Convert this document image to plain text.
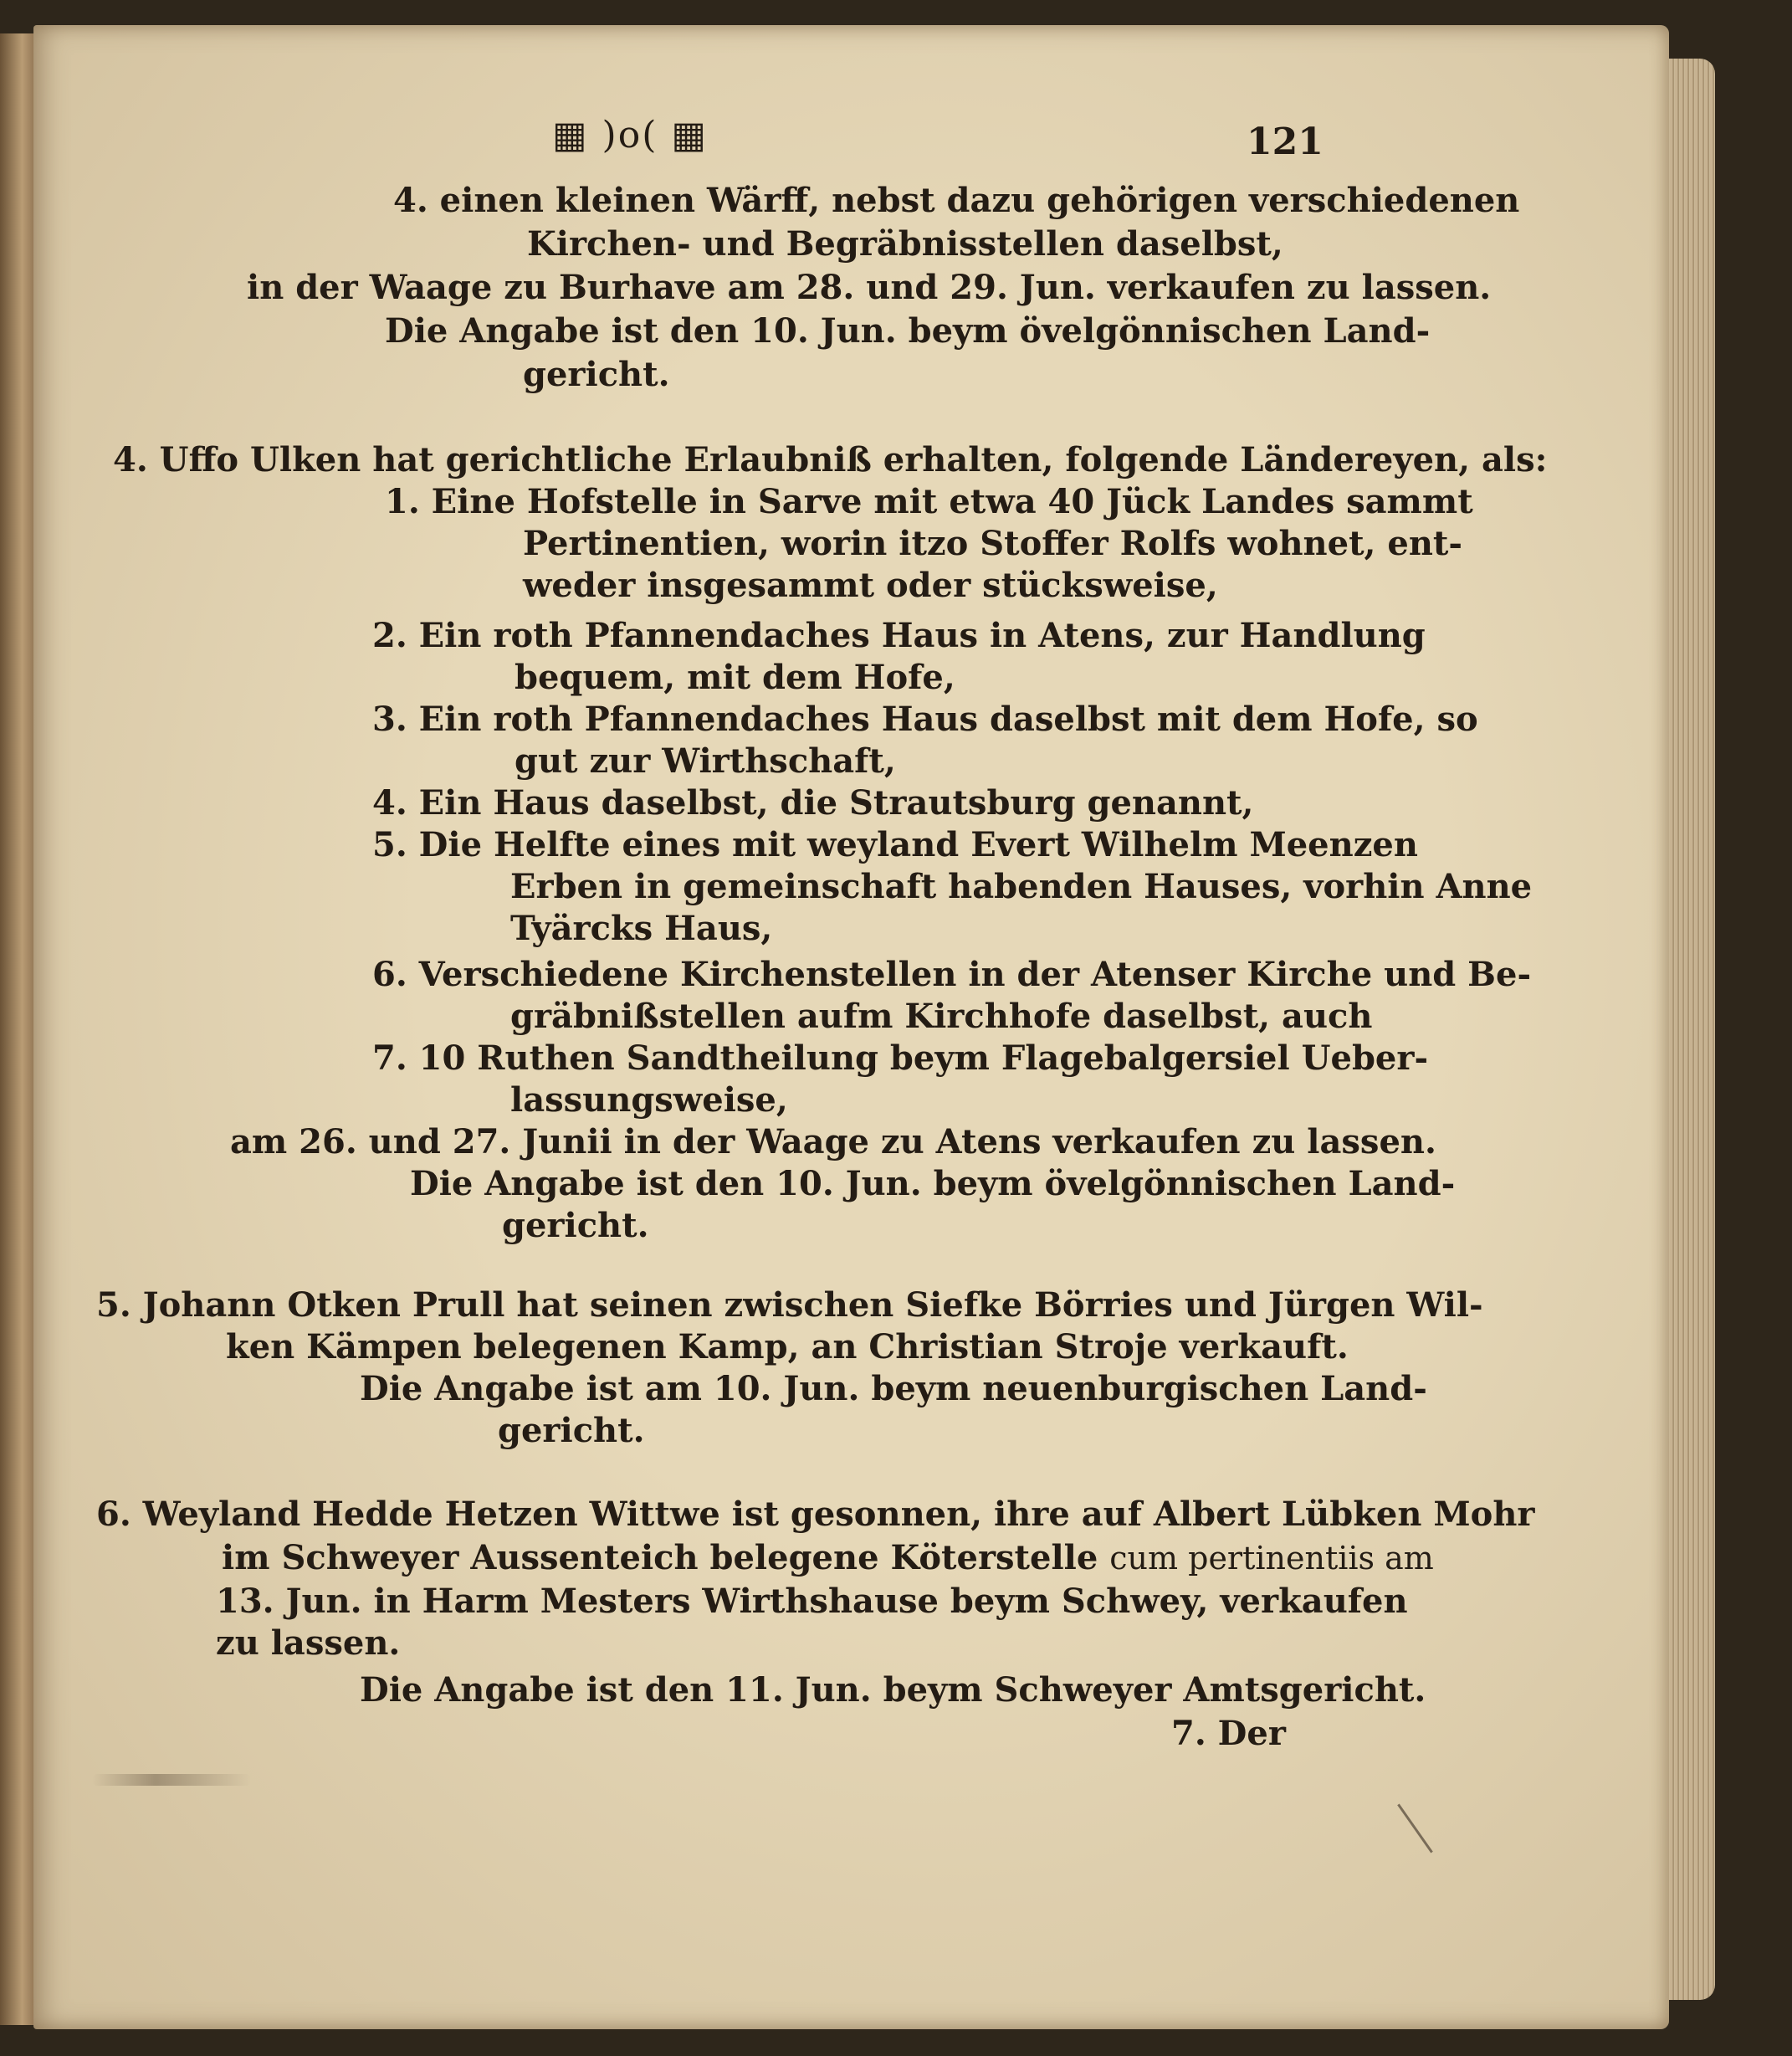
▦ )o( ▦	121
4. einen kleinen Wärff, nebst dazu gehörigen verschiedenen
Kirchen- und Begräbnisstellen daselbst,
in der Waage zu Burhave am 28. und 29. Jun. verkaufen zu lassen.
Die Angabe ist den 10. Jun. beym övelgönnischen Land-
gericht.
4. Uffo Ulken hat gerichtliche Erlaubniß erhalten, folgende Ländereyen, als:
1. Eine Hofstelle in Sarve mit etwa 40 Jück Landes sammt
Pertinentien, worin itzo Stoffer Rolfs wohnet, ent-
weder insgesammt oder stücksweise,
2. Ein roth Pfannendaches Haus in Atens, zur Handlung
bequem, mit dem Hofe,
3. Ein roth Pfannendaches Haus daselbst mit dem Hofe, so
gut zur Wirthschaft,
4. Ein Haus daselbst, die Strautsburg genannt,
5. Die Helfte eines mit weyland Evert Wilhelm Meenzen
Erben in gemeinschaft habenden Hauses, vorhin Anne
Tyärcks Haus,
6. Verschiedene Kirchenstellen in der Atenser Kirche und Be-
gräbnißstellen aufm Kirchhofe daselbst, auch
7. 10 Ruthen Sandtheilung beym Flagebalgersiel Ueber-
lassungsweise,
am 26. und 27. Junii in der Waage zu Atens verkaufen zu lassen.
Die Angabe ist den 10. Jun. beym övelgönnischen Land-
gericht.
5. Johann Otken Prull hat seinen zwischen Siefke Börries und Jürgen Wil-
ken Kämpen belegenen Kamp, an Christian Stroje verkauft.
Die Angabe ist am 10. Jun. beym neuenburgischen Land-
gericht.
6. Weyland Hedde Hetzen Wittwe ist gesonnen, ihre auf Albert Lübken Mohr
im Schweyer Aussenteich belegene Köterstelle cum pertinentiis am
13. Jun. in Harm Mesters Wirthshause beym Schwey, verkaufen
zu lassen.
Die Angabe ist den 11. Jun. beym Schweyer Amtsgericht.
7. Der
